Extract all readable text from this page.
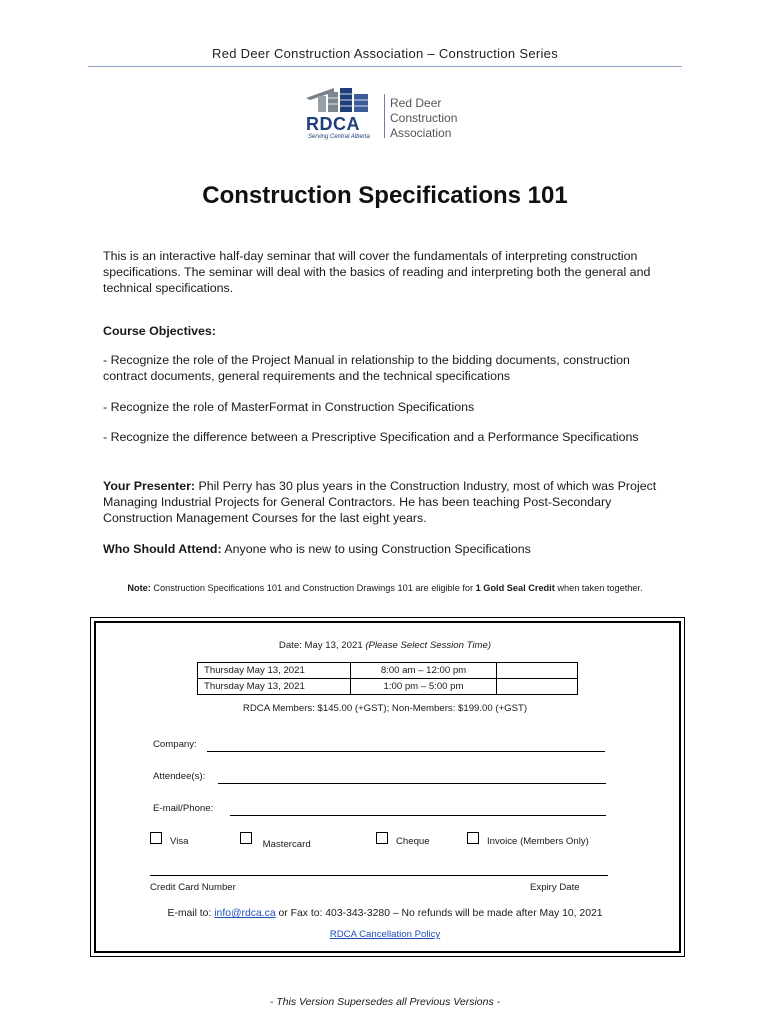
Red Deer Construction Association – Construction Series
RDCA
Serving Central Alberta
Red Deer
Construction
Association
Construction Specifications 101
This is an interactive half-day seminar that will cover the fundamentals of interpreting construction specifications. The seminar will deal with the basics of reading and interpreting both the general and technical specifications.
Course Objectives:
- Recognize the role of the Project Manual in relationship to the bidding documents, construction contract documents, general requirements and the technical specifications
- Recognize the role of MasterFormat in Construction Specifications
- Recognize the difference between a Prescriptive Specification and a Performance Specifications
Your Presenter: Phil Perry has 30 plus years in the Construction Industry, most of which was Project Managing Industrial Projects for General Contractors. He has been teaching Post-Secondary Construction Management Courses for the last eight years.
Who Should Attend: Anyone who is new to using Construction Specifications
Note: Construction Specifications 101 and Construction Drawings 101 are eligible for 1 Gold Seal Credit when taken together.
Date: May 13, 2021 (Please Select Session Time)
Thursday May 13, 2021	8:00 am – 12:00 pm	
Thursday May 13, 2021	1:00 pm – 5:00 pm	
RDCA Members: $145.00 (+GST); Non-Members: $199.00 (+GST)
Company:
Attendee(s):
E-mail/Phone:
Visa	Mastercard	Cheque	Invoice (Members Only)
Credit Card Number	Expiry Date
E-mail to: info@rdca.ca or Fax to: 403-343-3280 – No refunds will be made after May 10, 2021
RDCA Cancellation Policy
- This Version Supersedes all Previous Versions -
